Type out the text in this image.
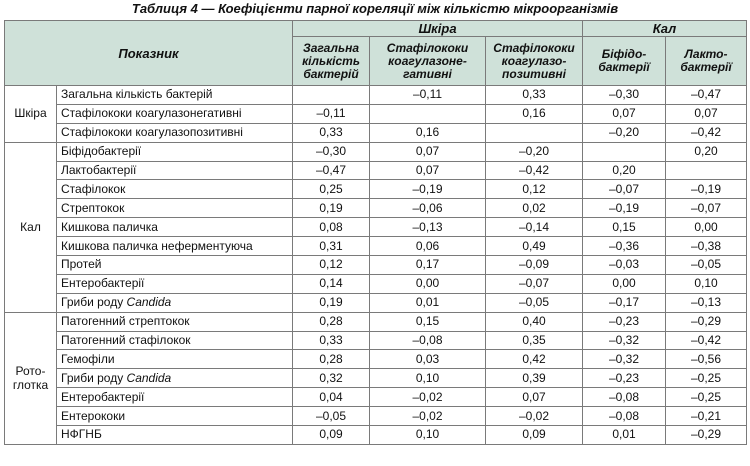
Таблиця 4 — Коефіцієнти парної кореляції між кількістю мікроорганізмів
Показник		Шкіра			Кал	
		Загальна кількість бактерій	Стафілококи коагулазоне-гативні	Стафілококи коагулазо-позитивні	Біфідо-бактерії	Лакто-бактерії
Шкіра	Загальна кількість бактерій		–0,11	0,33	–0,30	–0,47
	Стафілококи коагулазонегативні	–0,11		0,16	0,07	0,07
	Стафілококи коагулазопозитивні	0,33	0,16		–0,20	–0,42
Кал	Біфідобактерії	–0,30	0,07	–0,20		0,20
	Лактобактерії	–0,47	0,07	–0,42	0,20	
	Стафілокок	0,25	–0,19	0,12	–0,07	–0,19
	Стрептокок	0,19	–0,06	0,02	–0,19	–0,07
	Кишкова паличка	0,08	–0,13	–0,14	0,15	0,00
	Кишкова паличка неферментуюча	0,31	0,06	0,49	–0,36	–0,38
	Протей	0,12	0,17	–0,09	–0,03	–0,05
	Ентеробактерії	0,14	0,00	–0,07	0,00	0,10
	Гриби роду Candida	0,19	0,01	–0,05	–0,17	–0,13
Рото-глотка	Патогенний стрептокок	0,28	0,15	0,40	–0,23	–0,29
	Патогенний стафілокок	0,33	–0,08	0,35	–0,32	–0,42
	Гемофіли	0,28	0,03	0,42	–0,32	–0,56
	Гриби роду Candida	0,32	0,10	0,39	–0,23	–0,25
	Ентеробактерії	0,04	–0,02	0,07	–0,08	–0,25
	Ентерококи	–0,05	–0,02	–0,02	–0,08	–0,21
	НФГНБ	0,09	0,10	0,09	0,01	–0,29
